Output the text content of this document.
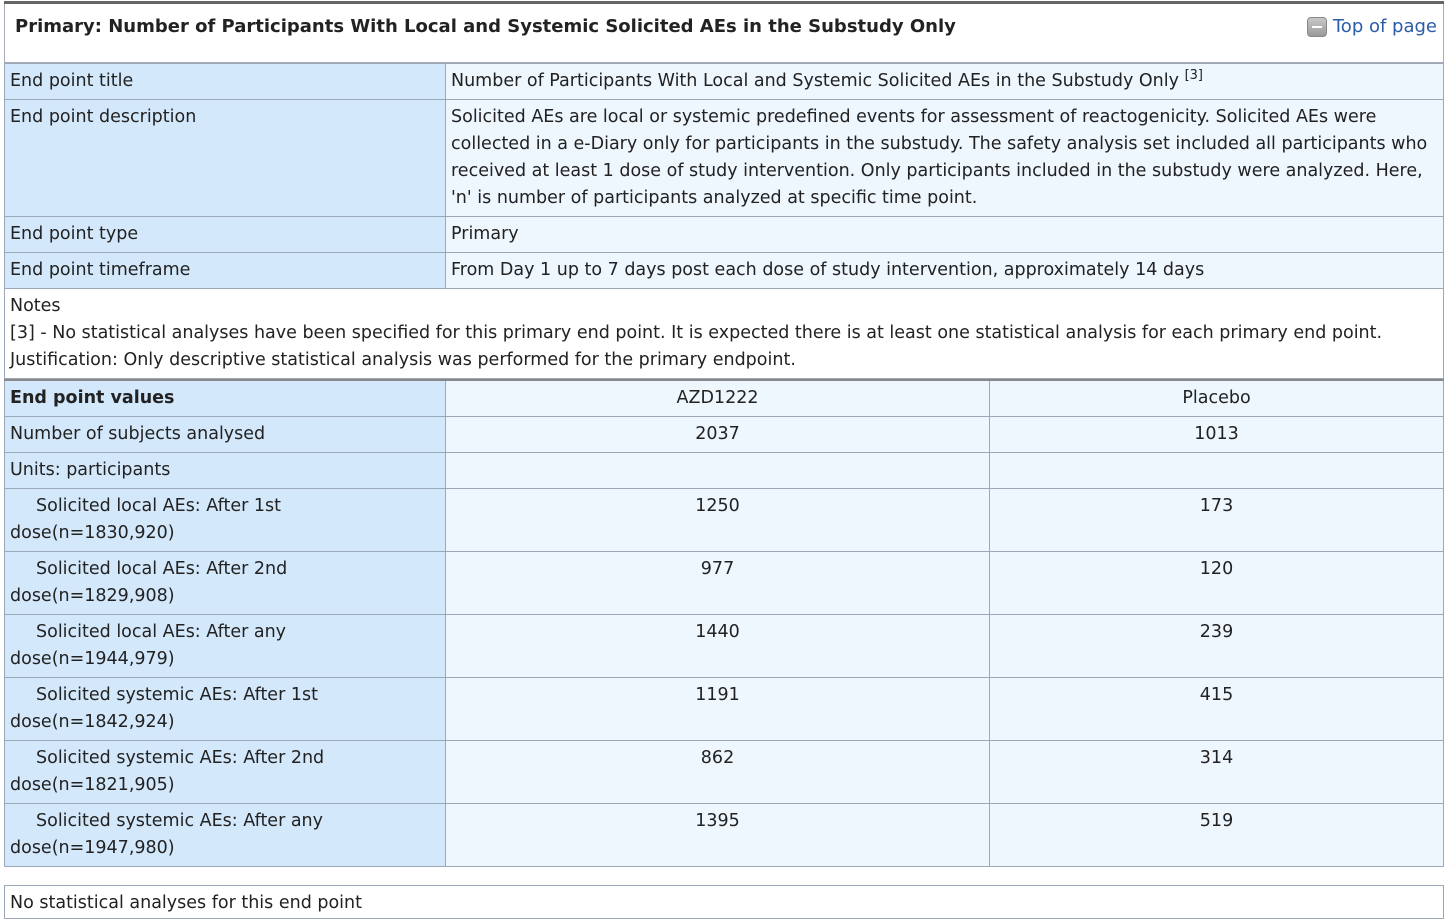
Primary: Number of Participants With Local and Systemic Solicited AEs in the Substudy Only	Top of page
End point title	Number of Participants With Local and Systemic Solicited AEs in the Substudy Only [3]
End point description	Solicited AEs are local or systemic predefined events for assessment of reactogenicity. Solicited AEs were collected in a e-Diary only for participants in the substudy. The safety analysis set included all participants who received at least 1 dose of study intervention. Only participants included in the substudy were analyzed. Here, 'n' is number of participants analyzed at specific time point.
End point type	Primary
End point timeframe	From Day 1 up to 7 days post each dose of study intervention, approximately 14 days

Notes
[3] - No statistical analyses have been specified for this primary end point. It is expected there is at least one statistical analysis for each primary end point.
Justification: Only descriptive statistical analysis was performed for the primary endpoint.	
End point values	AZD1222	Placebo
Number of subjects analysed	2037	1013
Units: participants		
Solicited local AEs: After 1st
dose(n=1830,920)	1250	173
Solicited local AEs: After 2nd
dose(n=1829,908)	977	120
Solicited local AEs: After any
dose(n=1944,979)	1440	239
Solicited systemic AEs: After 1st
dose(n=1842,924)	1191	415
Solicited systemic AEs: After 2nd
dose(n=1821,905)	862	314
Solicited systemic AEs: After any
dose(n=1947,980)	1395	519
No statistical analyses for this end point
